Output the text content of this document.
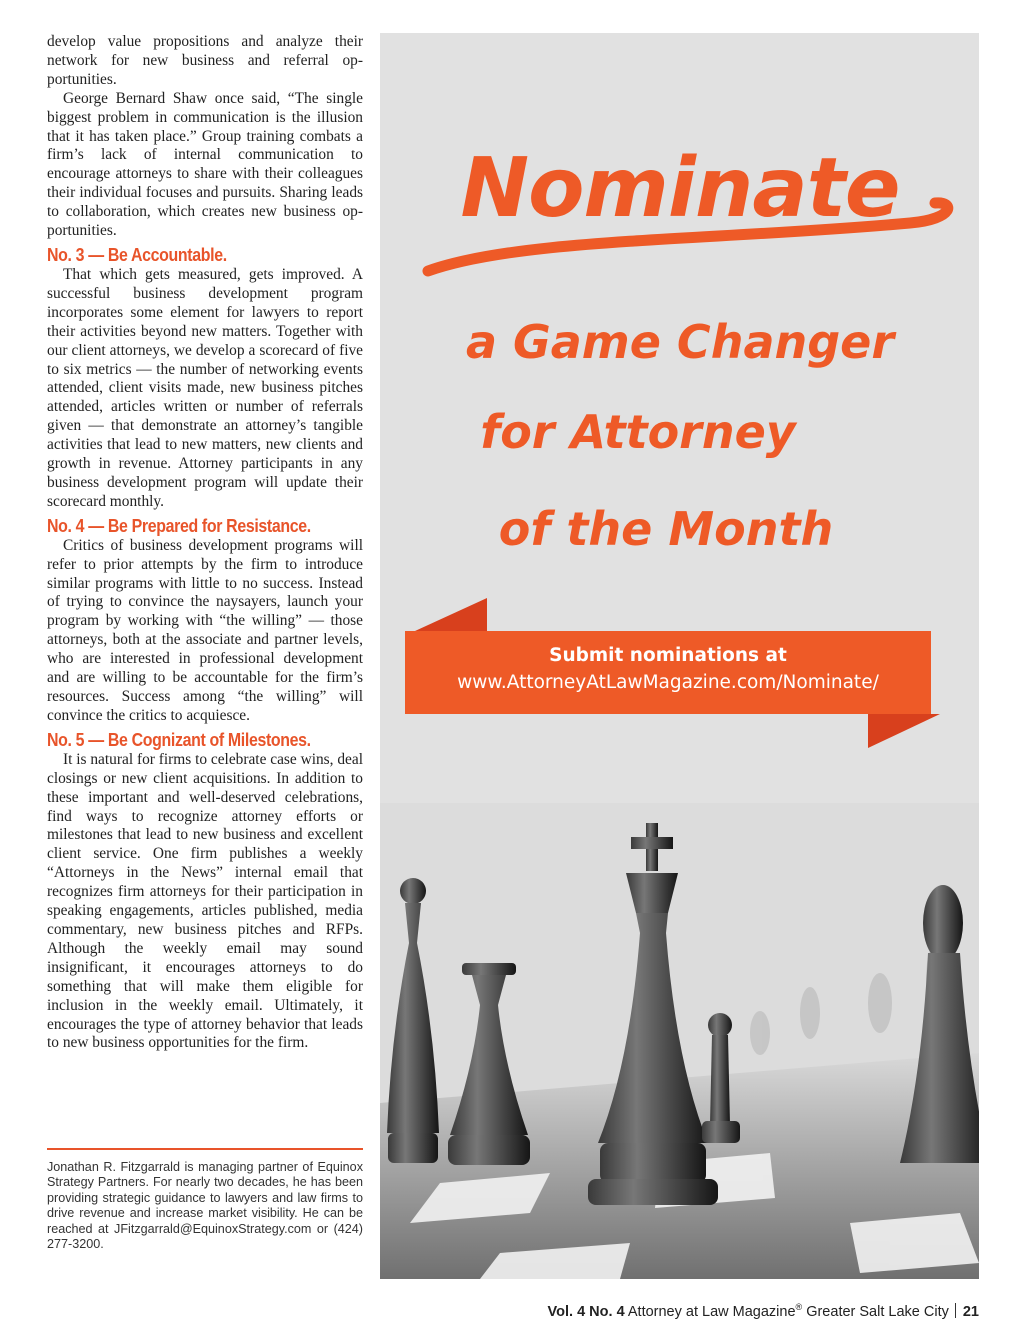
develop value propositions and analyze their network for new business and referral opportunities.

George Bernard Shaw once said, “The single biggest problem in communication is the illusion that it has taken place.” Group training combats a firm’s lack of internal communication to encourage attorneys to share with their colleagues their individual focuses and pursuits. Sharing leads to collaboration, which creates new business opportunities.

No. 3 — Be Accountable.

That which gets measured, gets improved. A successful business development program incorporates some element for lawyers to report their activities beyond new matters. Together with our client attorneys, we develop a scorecard of five to six metrics — the number of networking events attended, client visits made, new business pitches attended, articles written or number of referrals given — that demonstrate an attorney’s tangible activities that lead to new matters, new clients and growth in revenue. Attorney participants in any business development program will update their scorecard monthly.

No. 4 — Be Prepared for Resistance.

Critics of business development programs will refer to prior attempts by the firm to introduce similar programs with little to no success. Instead of trying to convince the naysayers, launch your program by working with “the willing” — those attorneys, both at the associate and partner levels, who are interested in professional development and are willing to be accountable for the firm’s resources. Success among “the willing” will convince the critics to acquiesce.

No. 5 — Be Cognizant of Milestones.

It is natural for firms to celebrate case wins, deal closings or new client acquisitions. In addition to these important and well-deserved celebrations, find ways to recognize attorney efforts or milestones that lead to new business and excellent client service. One firm publishes a weekly “Attorneys in the News” internal email that recognizes firm attorneys for their participation in speaking engagements, articles published, media commentary, new business pitches and RFPs. Although the weekly email may sound insignificant, it encourages attorneys to do something that will make them eligible for inclusion in the weekly email. Ultimately, it encourages the type of attorney behavior that leads to new business opportunities for the firm.

Jonathan R. Fitzgarrald is managing partner of Equinox Strategy Partners. For nearly two decades, he has been providing strategic guidance to lawyers and law firms to drive revenue and increase market visibility. He can be reached at JFitzgarrald@EquinoxStrategy.com or (424) 277-3200.
Nominate
a Game Changer
for Attorney
of the Month
Submit nominations at
www.AttorneyAtLawMagazine.com/Nominate/
Vol. 4 No. 4 Attorney at Law Magazine® Greater Salt Lake City 21
